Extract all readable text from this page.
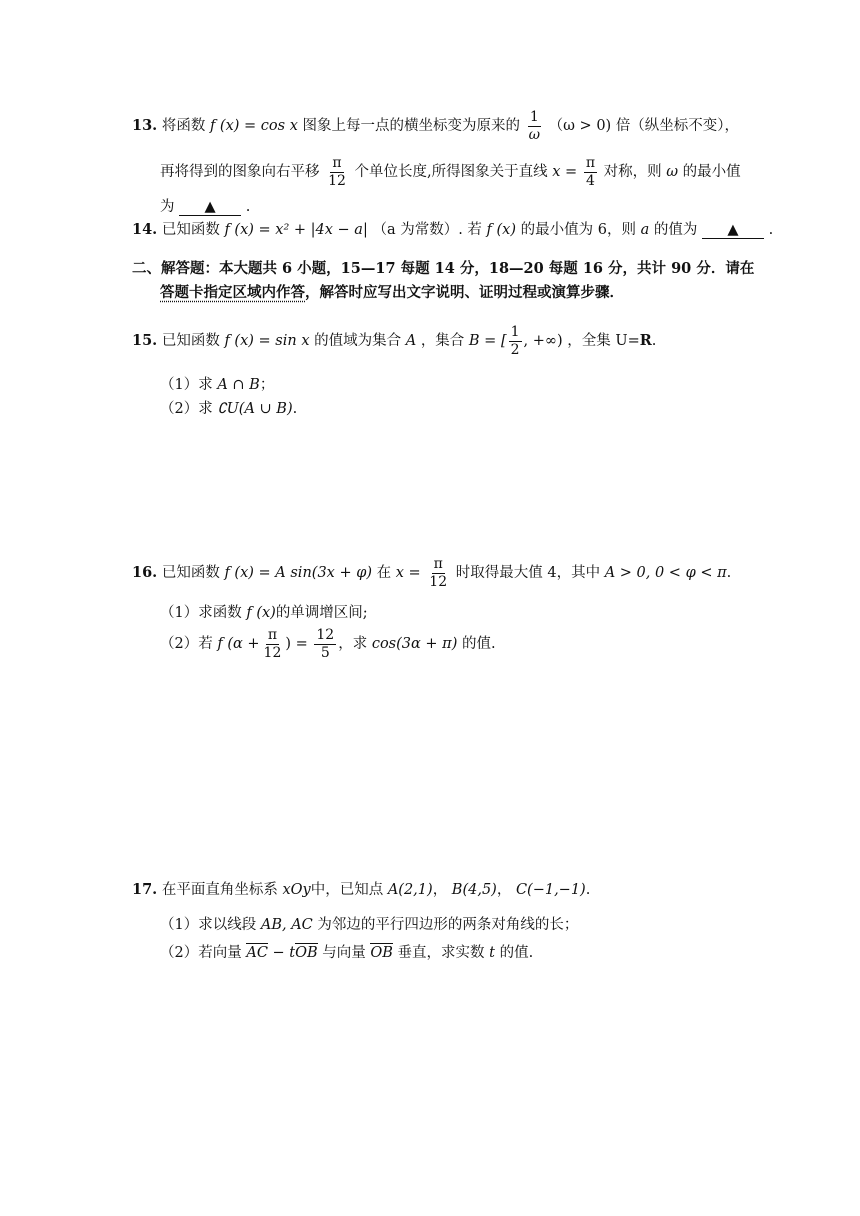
13. 将函数 f (x) = cos x 图象上每一点的横坐标变为原来的 $\frac{1}{\omega} (\omega > 0)$ 倍（纵坐标不变），
再将得到的图象向右平移 $\frac{\pi}{12}$ 个单位长度,所得图象关于直线 $x = \frac{\pi}{4}$ 对称，则 ω 的最小值
为 ▲ .
14. 已知函数 f (x) = x² + |4x − a| （a 为常数）. 若 f (x) 的最小值为 6，则 a 的值为 ▲ .
二、解答题：本大题共 6 小题，15—17 每题 14 分，18—20 每题 16 分，共计 90 分．请在
答题卡指定区域内作答，解答时应写出文字说明、证明过程或演算步骤．
15. 已知函数 f (x) = sin x 的值域为集合 A ，集合 B = [ $\frac{1}{2}$ , +∞) ，全集 U=R.
（1）求 A ∩ B；
（2）求 ∁U(A ∪ B).
16. 已知函数 f (x) = A sin(3x + φ) 在 $x = \frac{\pi}{12}$ 时取得最大值 4，其中 A > 0, 0 < φ < π.
（1）求函数 f (x)的单调增区间;
（2）若 f ($\alpha + \frac{\pi}{12}$ ) = $\frac{12}{5}$ ，求 cos(3α + π) 的值.
17. 在平面直角坐标系 xOy中，已知点 A(2,1)， B(4,5)， C(−1,−1).
（1）求以线段 AB, AC 为邻边的平行四边形的两条对角线的长；
（2）若向量 AC − tOB 与向量 OB 垂直，求实数 t 的值.
